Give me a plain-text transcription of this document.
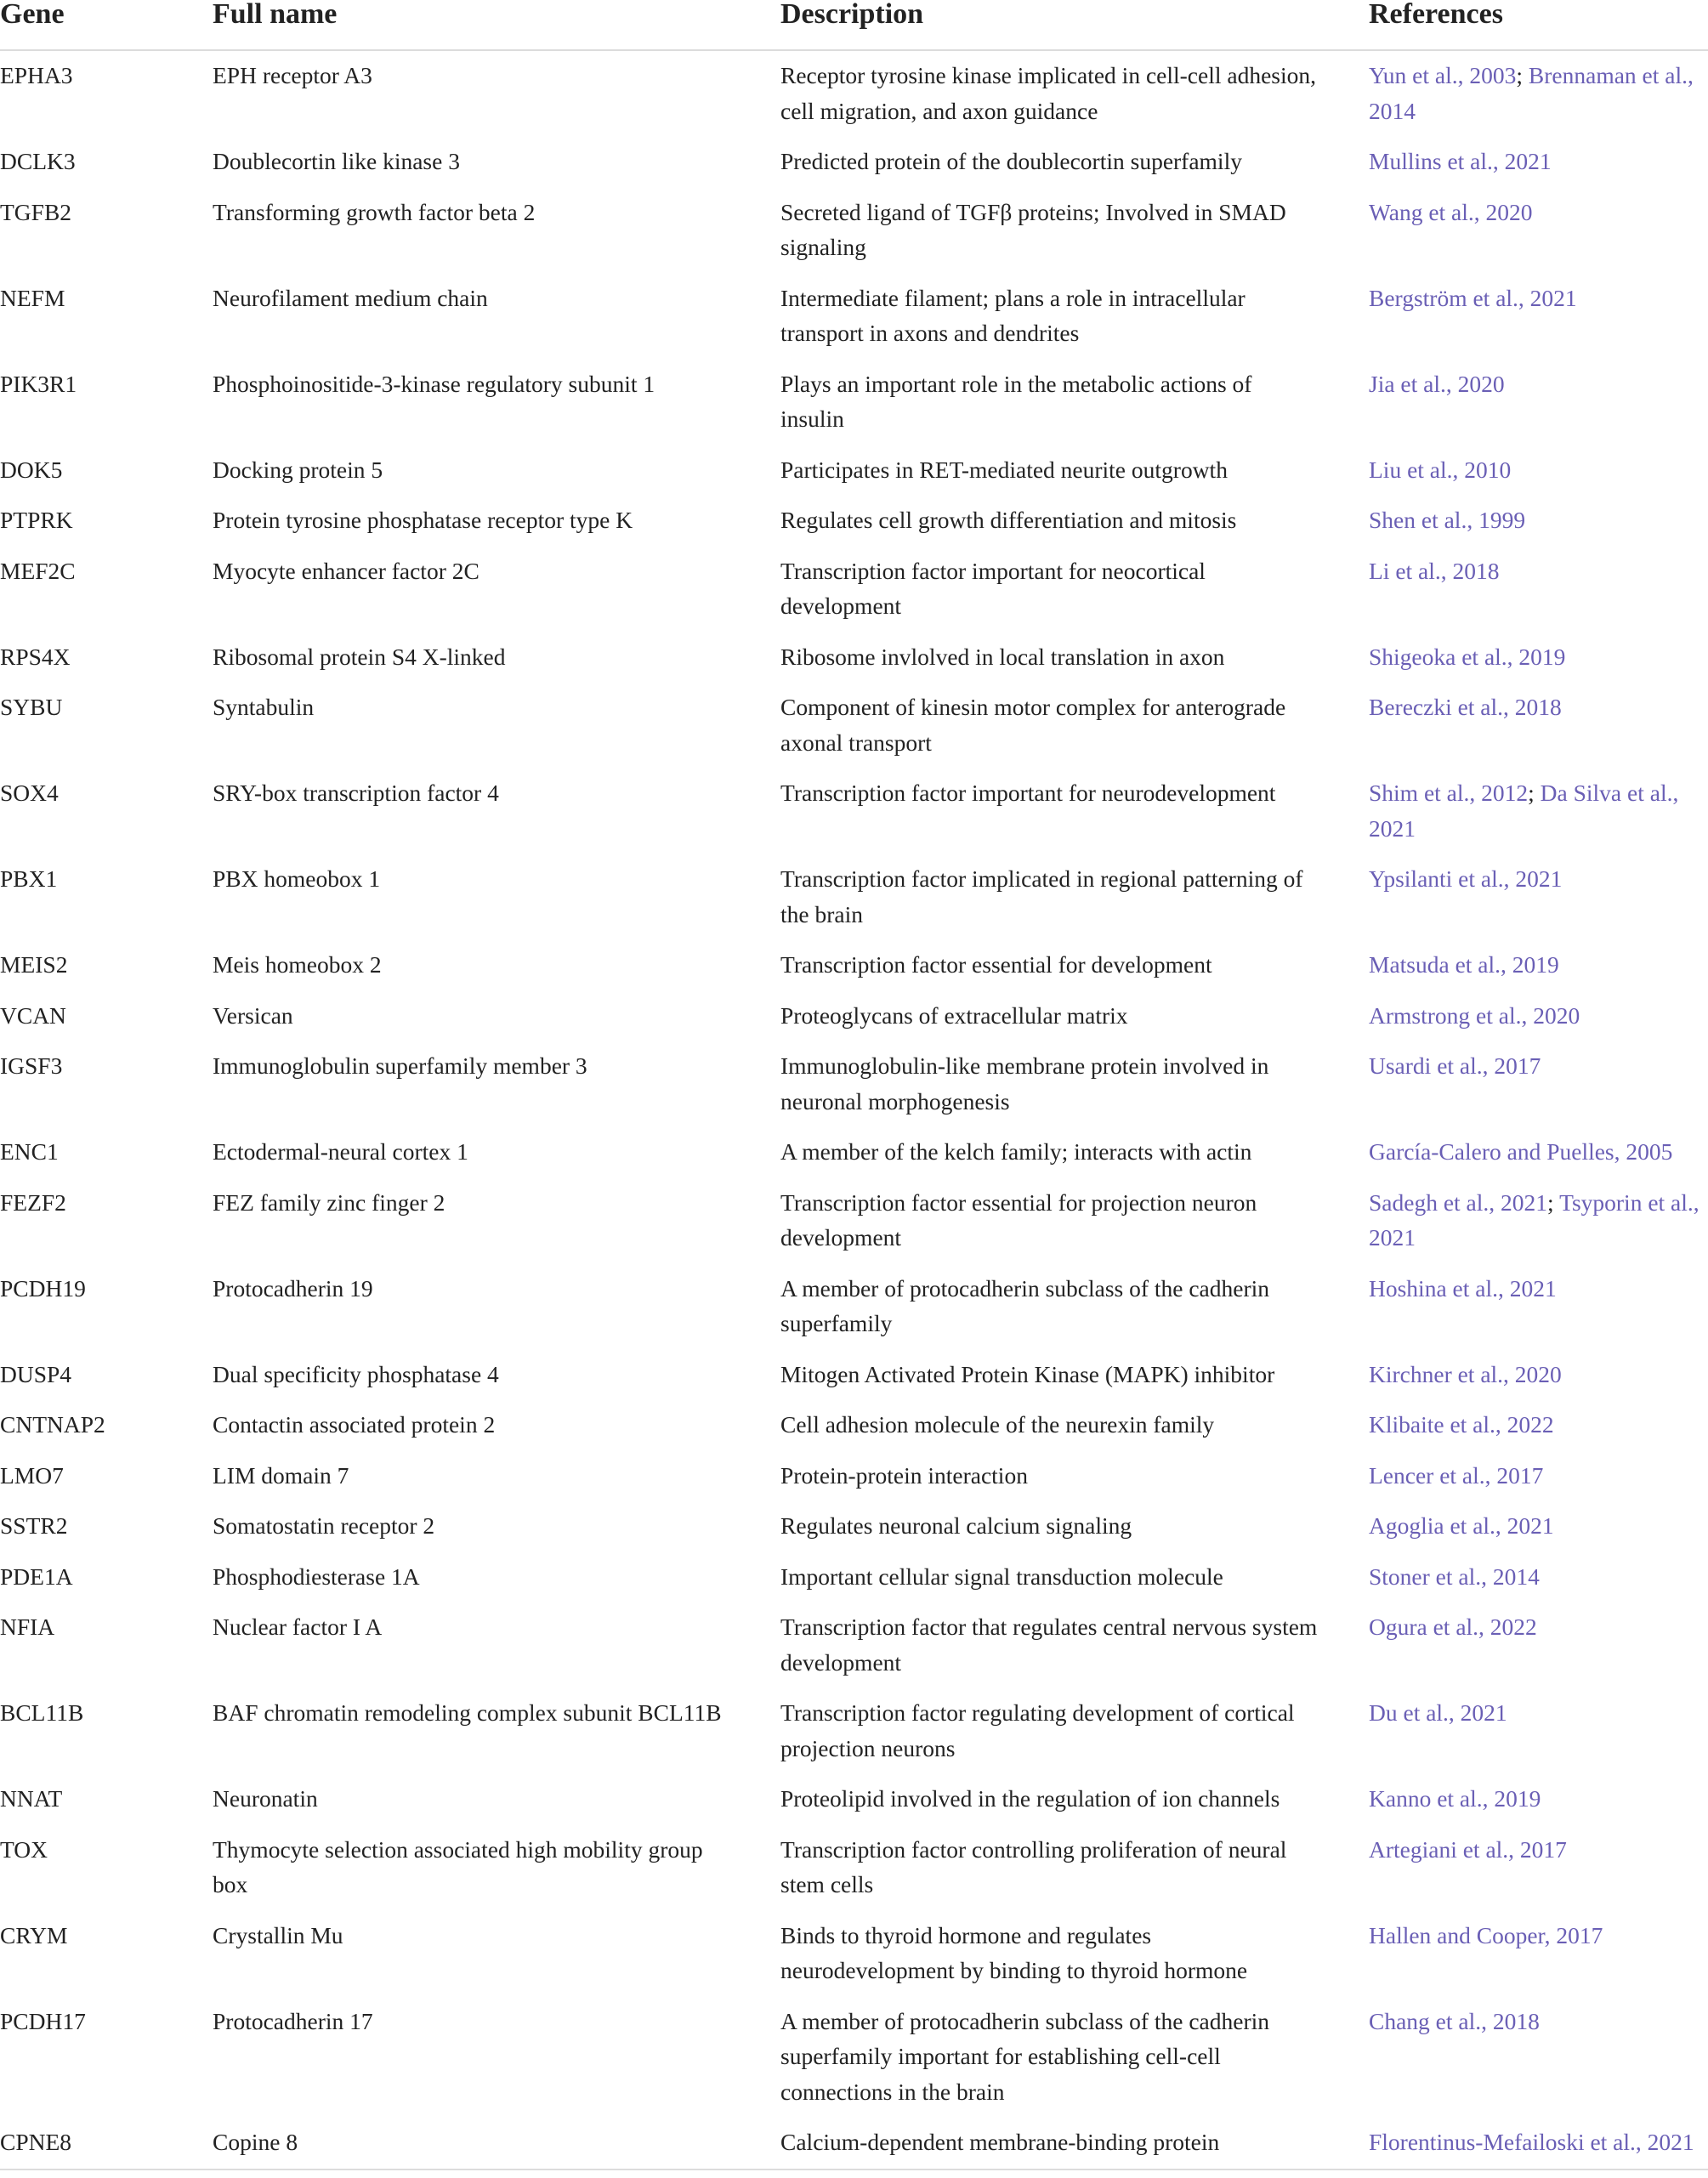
Gene	Full name	Description	References
EPHA3	EPH receptor A3	Receptor tyrosine kinase implicated in cell-cell adhesion, cell migration, and axon guidance	Yun et al., 2003; Brennaman et al., 2014
DCLK3	Doublecortin like kinase 3	Predicted protein of the doublecortin superfamily	Mullins et al., 2021
TGFB2	Transforming growth factor beta 2	Secreted ligand of TGFβ proteins; Involved in SMAD signaling	Wang et al., 2020
NEFM	Neurofilament medium chain	Intermediate filament; plans a role in intracellular transport in axons and dendrites	Bergström et al., 2021
PIK3R1	Phosphoinositide-3-kinase regulatory subunit 1	Plays an important role in the metabolic actions of insulin	Jia et al., 2020
DOK5	Docking protein 5	Participates in RET-mediated neurite outgrowth	Liu et al., 2010
PTPRK	Protein tyrosine phosphatase receptor type K	Regulates cell growth differentiation and mitosis	Shen et al., 1999
MEF2C	Myocyte enhancer factor 2C	Transcription factor important for neocortical development	Li et al., 2018
RPS4X	Ribosomal protein S4 X-linked	Ribosome invlolved in local translation in axon	Shigeoka et al., 2019
SYBU	Syntabulin	Component of kinesin motor complex for anterograde axonal transport	Bereczki et al., 2018
SOX4	SRY-box transcription factor 4	Transcription factor important for neurodevelopment	Shim et al., 2012; Da Silva et al., 2021
PBX1	PBX homeobox 1	Transcription factor implicated in regional patterning of the brain	Ypsilanti et al., 2021
MEIS2	Meis homeobox 2	Transcription factor essential for development	Matsuda et al., 2019
VCAN	Versican	Proteoglycans of extracellular matrix	Armstrong et al., 2020
IGSF3	Immunoglobulin superfamily member 3	Immunoglobulin-like membrane protein involved in neuronal morphogenesis	Usardi et al., 2017
ENC1	Ectodermal-neural cortex 1	A member of the kelch family; interacts with actin	García-Calero and Puelles, 2005
FEZF2	FEZ family zinc finger 2	Transcription factor essential for projection neuron development	Sadegh et al., 2021; Tsyporin et al., 2021
PCDH19	Protocadherin 19	A member of protocadherin subclass of the cadherin superfamily	Hoshina et al., 2021
DUSP4	Dual specificity phosphatase 4	Mitogen Activated Protein Kinase (MAPK) inhibitor	Kirchner et al., 2020
CNTNAP2	Contactin associated protein 2	Cell adhesion molecule of the neurexin family	Klibaite et al., 2022
LMO7	LIM domain 7	Protein-protein interaction	Lencer et al., 2017
SSTR2	Somatostatin receptor 2	Regulates neuronal calcium signaling	Agoglia et al., 2021
PDE1A	Phosphodiesterase 1A	Important cellular signal transduction molecule	Stoner et al., 2014
NFIA	Nuclear factor I A	Transcription factor that regulates central nervous system development	Ogura et al., 2022
BCL11B	BAF chromatin remodeling complex subunit BCL11B	Transcription factor regulating development of cortical projection neurons	Du et al., 2021
NNAT	Neuronatin	Proteolipid involved in the regulation of ion channels	Kanno et al., 2019
TOX	Thymocyte selection associated high mobility group box	Transcription factor controlling proliferation of neural stem cells	Artegiani et al., 2017
CRYM	Crystallin Mu	Binds to thyroid hormone and regulates neurodevelopment by binding to thyroid hormone	Hallen and Cooper, 2017
PCDH17	Protocadherin 17	A member of protocadherin subclass of the cadherin superfamily important for establishing cell-cell connections in the brain	Chang et al., 2018
CPNE8	Copine 8	Calcium-dependent membrane-binding protein	Florentinus-Mefailoski et al., 2021
